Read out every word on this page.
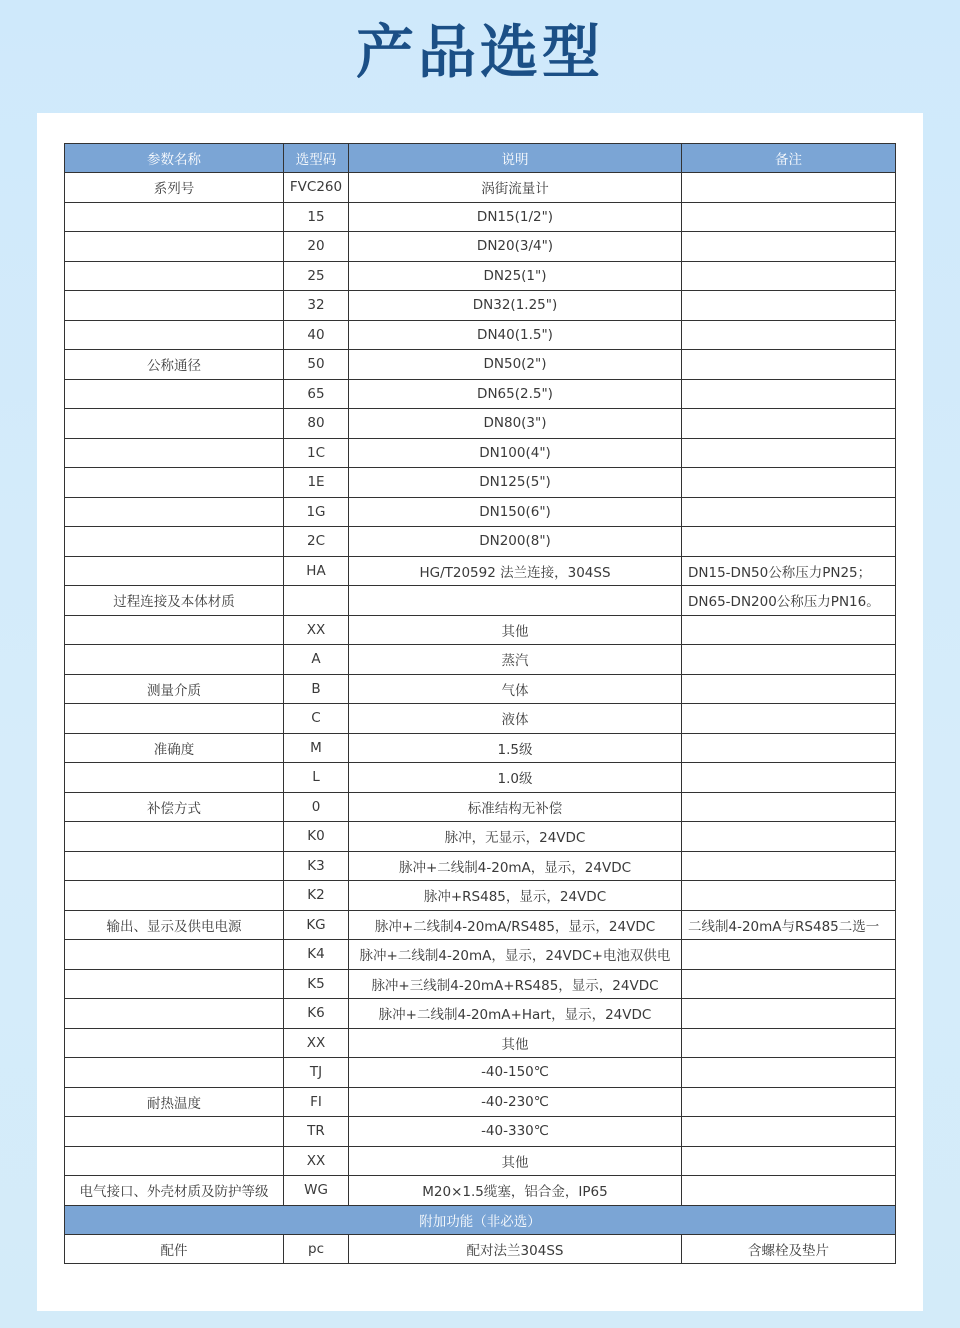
产品选型
参数名称	选型码	说明	备注
系列号	FVC260	涡街流量计	
	15	DN15(1/2")	
	20	DN20(3/4")	
	25	DN25(1")	
	32	DN32(1.25")	
	40	DN40(1.5")	
公称通径	50	DN50(2")	
	65	DN65(2.5")	
	80	DN80(3")	
	1C	DN100(4")	
	1E	DN125(5")	
	1G	DN150(6")	
	2C	DN200(8")	
	HA	HG/T20592 法兰连接，304SS	DN15-DN50公称压力PN25；
过程连接及本体材质			DN65-DN200公称压力PN16。
	XX	其他	
	A	蒸汽	
测量介质	B	气体	
	C	液体	
准确度	M	1.5级	
	L	1.0级	
补偿方式	0	标准结构无补偿	
	K0	脉冲，无显示，24VDC	
	K3	脉冲+二线制4-20mA，显示，24VDC	
	K2	脉冲+RS485，显示，24VDC	
输出、显示及供电电源	KG	脉冲+二线制4-20mA/RS485，显示，24VDC	二线制4-20mA与RS485二选一
	K4	脉冲+二线制4-20mA，显示，24VDC+电池双供电	
	K5	脉冲+三线制4-20mA+RS485，显示，24VDC	
	K6	脉冲+二线制4-20mA+Hart，显示，24VDC	
	XX	其他	
	TJ	-40-150℃	
耐热温度	FI	-40-230℃	
	TR	-40-330℃	
	XX	其他	
电气接口、外壳材质及防护等级	WG	M20×1.5缆塞，铝合金，IP65	
附加功能（非必选）			
配件	pc	配对法兰304SS	含螺栓及垫片
